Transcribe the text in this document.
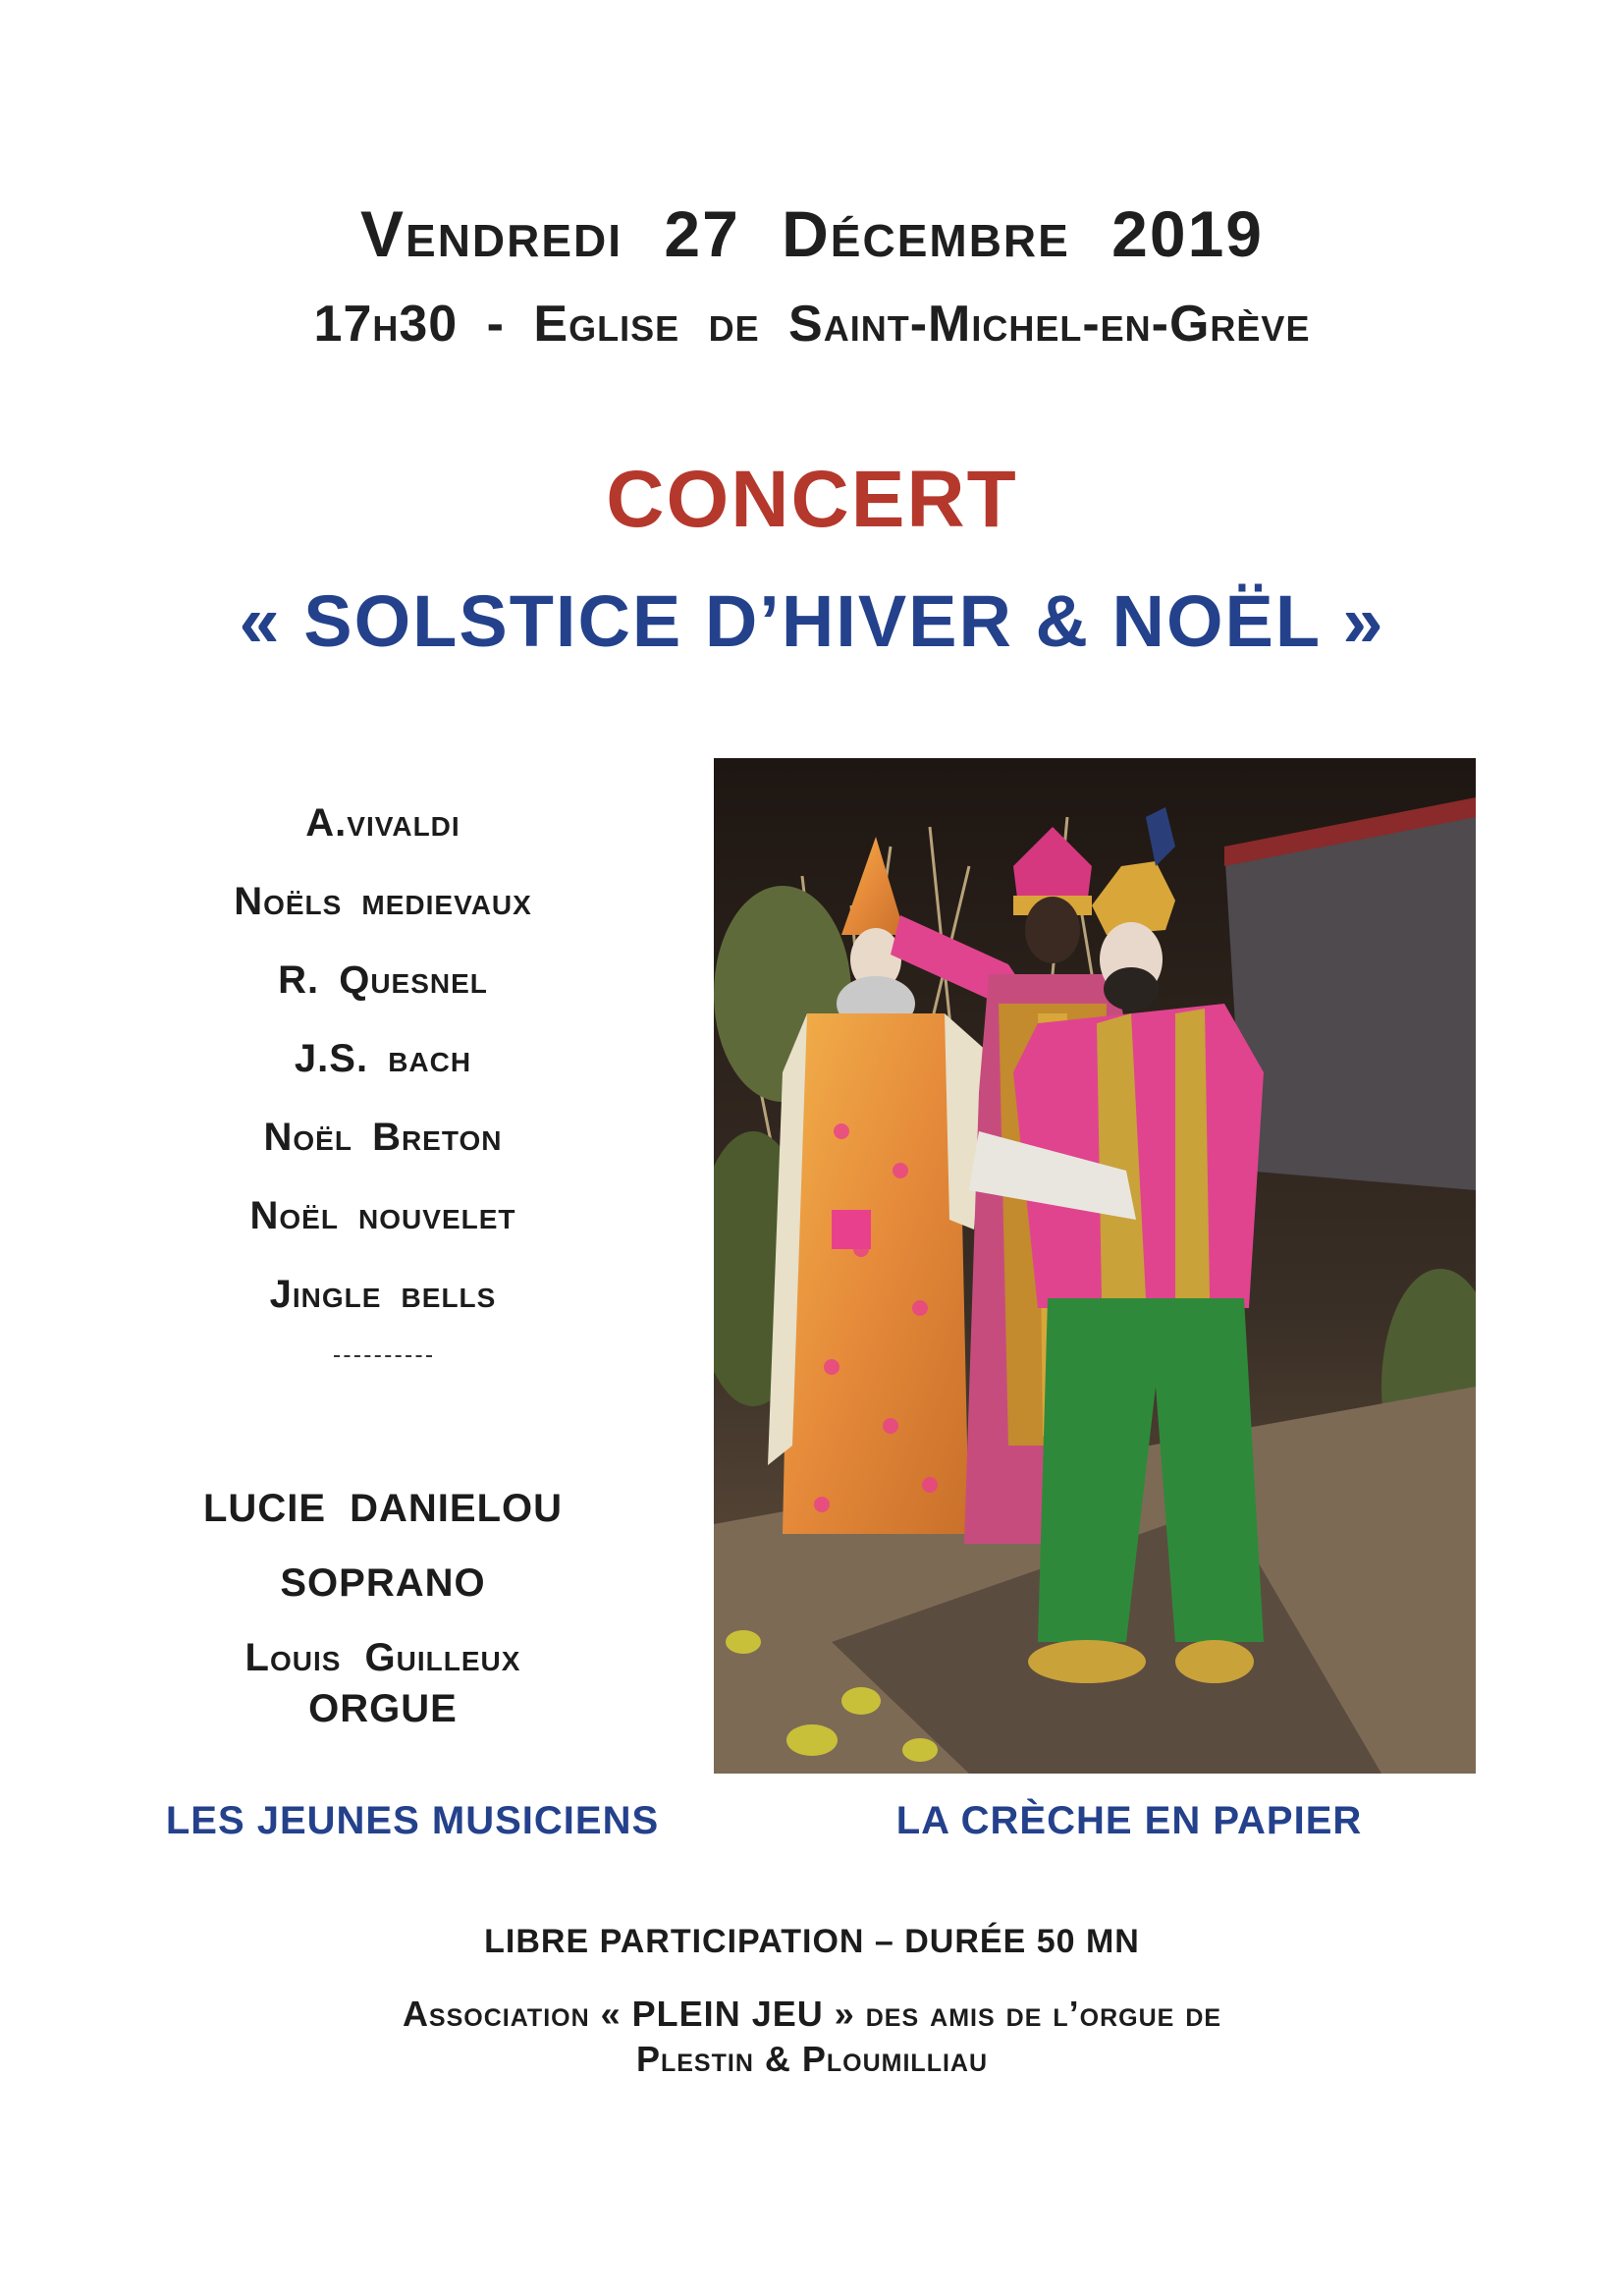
Vendredi 27 Décembre 2019
17h30 - Eglise de Saint-Michel-en-Grève
CONCERT
« SOLSTICE D’HIVER & NOËL »
A.vivaldi
Noëls medievaux
R. Quesnel
J.S. bach
Noël Breton
Noël nouvelet
Jingle bells
LUCIE DANIELOU
SOPRANO
Louis Guilleux
ORGUE
LES JEUNES MUSICIENS	LA CRÈCHE EN PAPIER
LIBRE PARTICIPATION – DURÉE 50 MN
Association « PLEIN JEU » des amis de l’orgue de
Plestin & Ploumilliau
